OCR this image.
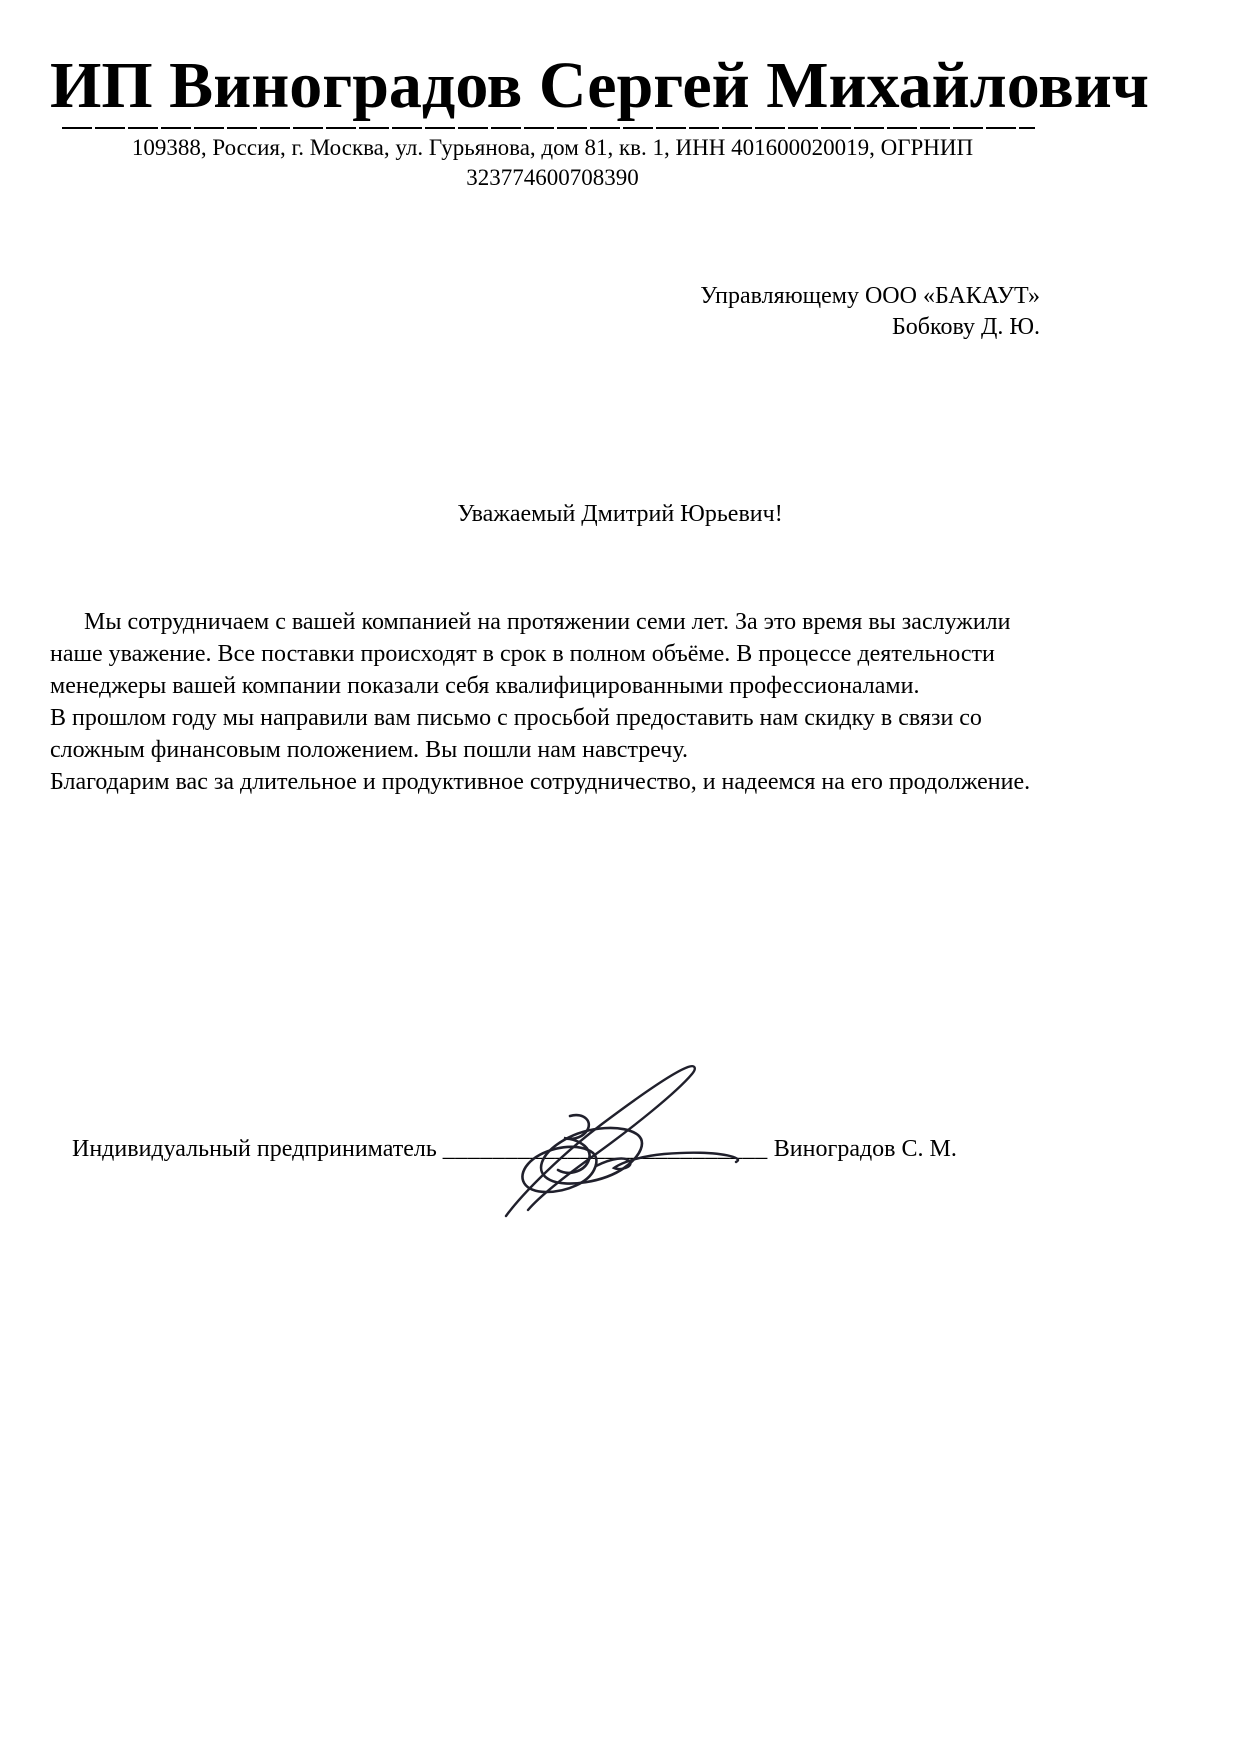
ИП Виноградов Сергей Михайлович
109388, Россия, г. Москва, ул. Гурьянова, дом 81, кв. 1, ИНН 401600020019, ОГРНИП 323774600708390
Управляющему ООО «БАКАУТ»
Бобкову Д. Ю.
Уважаемый Дмитрий Юрьевич!

Мы сотрудничаем с вашей компанией на протяжении семи лет. За это время вы заслужили наше уважение. Все поставки происходят в срок в полном объёме. В процессе деятельности менеджеры вашей компании показали себя квалифицированными профессионалами.

В прошлом году мы направили вам письмо с просьбой предоставить нам скидку в связи со сложным финансовым положением. Вы пошли нам навстречу.

Благодарим вас за длительное и продуктивное сотрудничество, и надеемся на его продолжение.

Индивидуальный предприниматель __________________________ Виноградов С. М.
